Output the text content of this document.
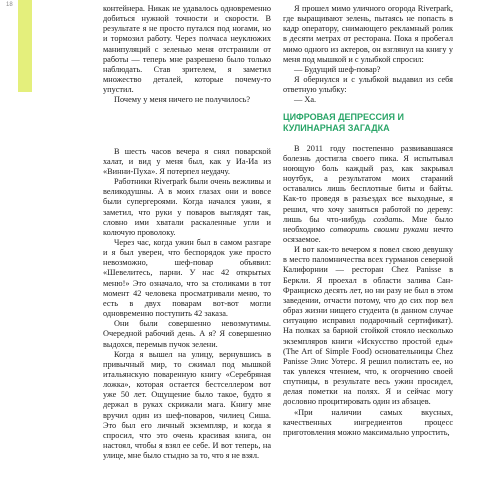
18	контейнера. Никак не удавалось одновременно добиться нужной точности и скорости. В результате я не просто путался под ногами, но и тормозил работу. Через полчаса неуклюжих манипуляций с зеленью меня отстранили от работы — теперь мне разрешено было только наблюдать. Став зрителем, я заметил множество деталей, которые почему-то упустил.

Почему у меня ничего не получилось?

В шесть часов вечера я снял поварской халат, и вид у меня был, как у Иа-Иа из «Винни-Пуха». Я потерпел неудачу.

Работники Riverpark были очень вежливы и великодушны. А в моих глазах они и вовсе были супергероями. Когда начался ужин, я заметил, что руки у поваров выглядят так, словно ими хватали раскаленные угли и колючую проволоку.

Через час, когда ужин был в самом разгаре и я был уверен, что беспорядок уже просто невозможно, шеф-повар объявил: «Шевелитесь, парни. У нас 42 открытых меню!» Это означало, что за столиками в тот момент 42 человека просматривали меню, то есть в двух поварам вот-вот могли одновременно поступить 42 заказа.

Они были совершенно невозмутимы. Очередной рабочий день. А я? Я совершенно выдохся, перемыв пучок зелени.

Когда я вышел на улицу, вернувшись в привычный мир, то сжимал под мышкой итальянскую поваренную книгу «Серебряная ложка», которая остается бестселлером вот уже 50 лет. Ощущение было такое, будто я держал в руках скрижали мага. Книгу мне вручил один из шеф-поваров, чилиец Сиша. Это был его личный экземпляр, и когда я спросил, что это очень красивая книга, он настоял, чтобы я взял ее себе. И вот теперь, на улице, мне было стыдно за то, что я не взял.

Я прошел мимо уличного огорода Riverpark, где выращивают зелень, пытаясь не попасть в кадр оператору, снимающего рекламный ролик в десяти метрах от ресторана. Пока я пробегал мимо одного из актеров, он взглянул на книгу у меня под мышкой и с улыбкой спросил:

— Будущий шеф-повар?

Я обернулся и с улыбкой выдавил из себя ответную улыбку:

— Ха.

ЦИФРОВАЯ ДЕПРЕССИЯ И КУЛИНАРНАЯ ЗАГАДКА

В 2011 году постепенно развивавшаяся болезнь достигла своего пика. Я испытывал ноющую боль каждый раз, как закрывал ноутбук, а результатом моих стараний оставались лишь бесплотные биты и байты. Как-то проведя в разъездах все выходные, я решил, что хочу заняться работой по дереву: лишь бы что-нибудь создать. Мне было необходимо сотворить своими руками нечто осязаемое.

И вот как-то вечером я повел свою девушку в место паломничества всех гурманов северной Калифорнии — ресторан Chez Panisse в Беркли. Я проехал в области залива Сан-Франциско десять лет, но ни разу не был в этом заведении, отчасти потому, что до сих пор вел образ жизни нищего студента (в данном случае ситуацию исправил подарочный сертификат). На полках за барной стойкой стояло несколько экземпляров книги «Искусство простой еды» (The Art of Simple Food) основательницы Chez Panisse Элис Уотерс. Я решил полистать ее, но так увлекся чтением, что, к огорчению своей спутницы, в результате весь ужин просидел, делая пометки на полях. Я и сейчас могу дословно процитировать один из абзацев.

«При наличии самых вкусных, качественных ингредиентов процесс приготовления можно максимально упростить,
